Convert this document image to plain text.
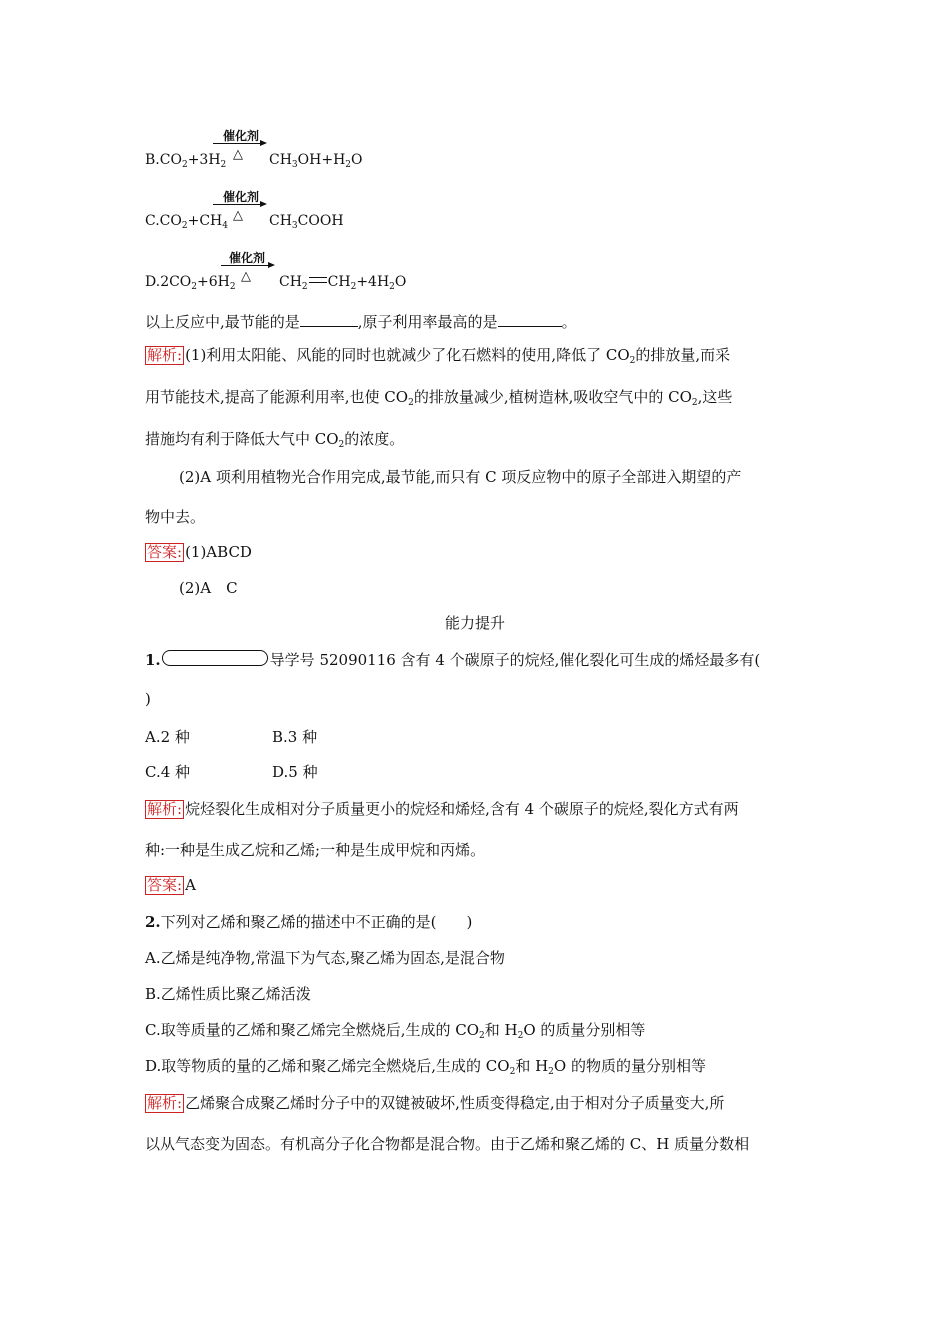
$B.CO_2+3H_2$
催化剂
△ $CH_3OH+H_2O$
$C.CO_2+CH_4$
催化剂
△ $CH_3COOH$
$D.2CO_2+6H_2$
催化剂
△ $CH_2$ $CH_2+4H_2O$
以上反应中,最节能的是	,原子利用率最高的是	。
解析: (1)利用太阳能、风能的同时也就减少了化石燃料的使用,降低了 $CO_2$的排放量,而采
用节能技术,提高了能源利用率,也使 $CO_2$的排放量减少,植树造林,吸收空气中的 $CO_2$,这些
措施均有利于降低大气中 $CO_2$的浓度。
(2)A 项利用植物光合作用完成,最节能,而只有 C 项反应物中的原子全部进入期望的产
物中去。
答案: (1)ABCD
(2)A　C
能力提升
1.	导学号 52090116 含有 4 个碳原子的烷烃,催化裂化可生成的烯烃最多有(
)
A.2 种	B.3 种
C.4 种	D.5 种
解析: 烷烃裂化生成相对分子质量更小的烷烃和烯烃,含有 4 个碳原子的烷烃,裂化方式有两
种:一种是生成乙烷和乙烯;一种是生成甲烷和丙烯。
答案: A
2.下列对乙烯和聚乙烯的描述中不正确的是(　　)
A.乙烯是纯净物,常温下为气态,聚乙烯为固态,是混合物
B.乙烯性质比聚乙烯活泼
C.取等质量的乙烯和聚乙烯完全燃烧后,生成的 $CO_2$和 $H_2O$ 的质量分别相等
D.取等物质的量的乙烯和聚乙烯完全燃烧后,生成的 $CO_2$和 $H_2O$ 的物质的量分别相等
解析: 乙烯聚合成聚乙烯时分子中的双键被破坏,性质变得稳定,由于相对分子质量变大,所
以从气态变为固态。有机高分子化合物都是混合物。由于乙烯和聚乙烯的 C、H 质量分数相
